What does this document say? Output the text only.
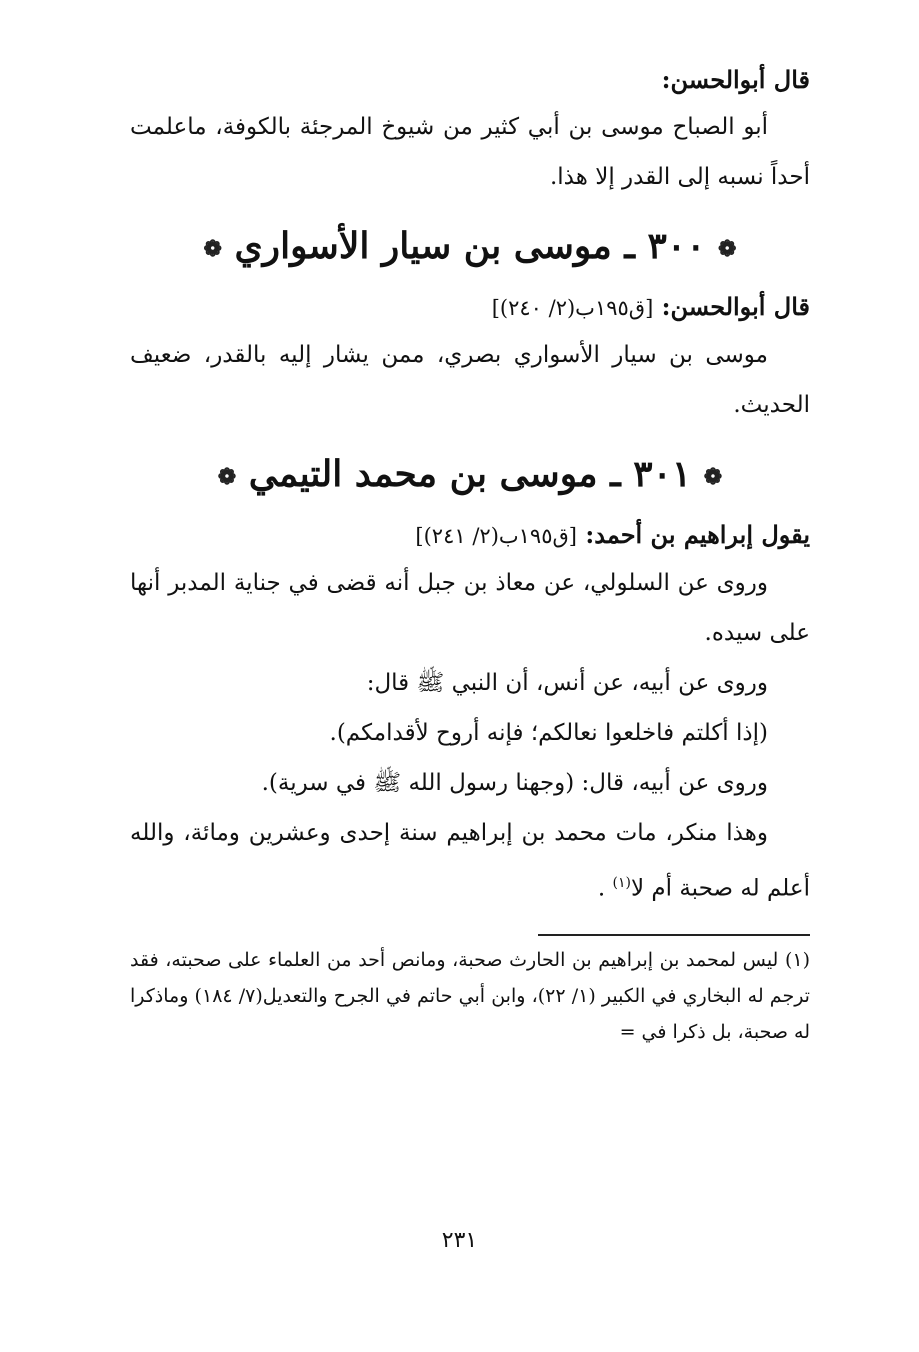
قال أبوالحسن:

أبو الصباح موسى بن أبي كثير من شيوخ المرجئة بالكوفة، ماعلمت أحداً نسبه إلى القدر إلا هذا.

❁ ٣٠٠ ـ موسى بن سيار الأسواري ❁

قال أبوالحسن: [ق١٩٥ب(٢/ ٢٤٠)]

موسى بن سيار الأسواري بصري، ممن يشار إليه بالقدر، ضعيف الحديث.

❁ ٣٠١ ـ موسى بن محمد التيمي ❁

يقول إبراهيم بن أحمد: [ق١٩٥ب(٢/ ٢٤١)]

وروى عن السلولي، عن معاذ بن جبل أنه قضى في جناية المدبر أنها على سيده.

وروى عن أبيه، عن أنس، أن النبي ﷺ قال:

(إذا أكلتم فاخلعوا نعالكم؛ فإنه أروح لأقدامكم).

وروى عن أبيه، قال: (وجهنا رسول الله ﷺ في سرية).

وهذا منكر، مات محمد بن إبراهيم سنة إحدى وعشرين ومائة، والله أعلم له صحبة أم لا$^{(١)}$ .

(١) ليس لمحمد بن إبراهيم بن الحارث صحبة، ومانص أحد من العلماء على صحبته، فقد ترجم له البخاري في الكبير (١/ ٢٢)، وابن أبي حاتم في الجرح والتعديل(٧/ ١٨٤) وماذكرا له صحبة، بل ذكرا في =

٢٣١
